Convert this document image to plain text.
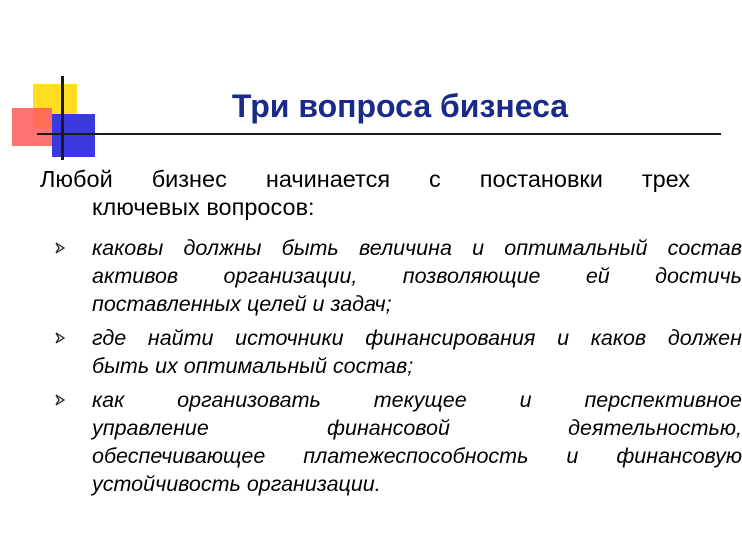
Три вопроса бизнеса
Любой бизнес начинается с постановки трех
ключевых вопросов:
каковы должны быть величина и оптимальный состав
активов организации, позволяющие ей достичь
поставленных целей и задач;
где найти источники финансирования и каков должен
быть их оптимальный состав;
как организовать текущее и перспективное
управление	финансовой	деятельностью,
обеспечивающее платежеспособность и финансовую
устойчивость организации.
